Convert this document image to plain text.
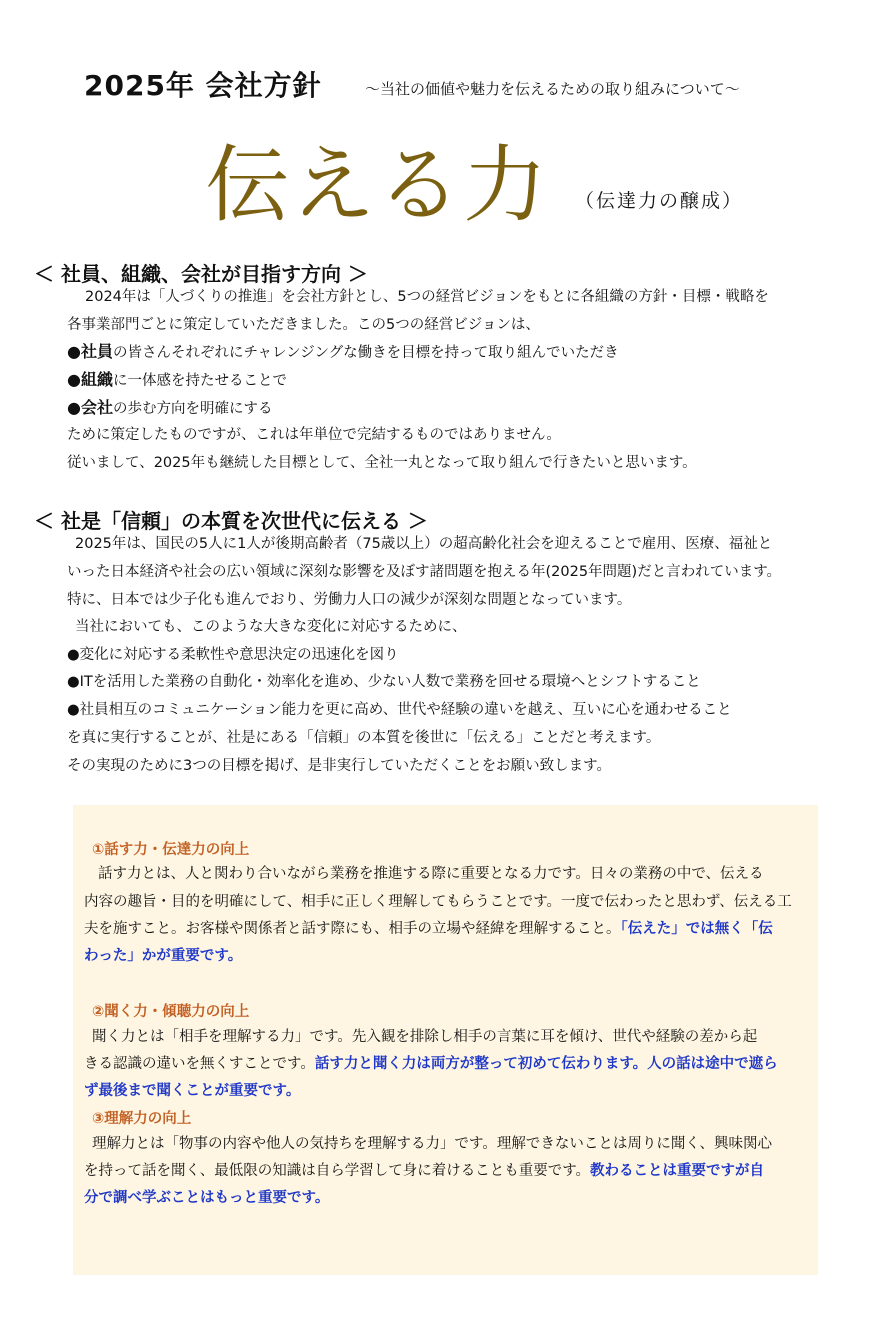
2025年 会社方針	～当社の価値や魅力を伝えるための取り組みについて～
伝える力 （伝達力の醸成）
＜ 社員、組織、会社が目指す方向 ＞
2024年は「人づくりの推進」を会社方針とし、5つの経営ビジョンをもとに各組織の方針・目標・戦略を
各事業部門ごとに策定していただきました。この5つの経営ビジョンは、
●社員の皆さんそれぞれにチャレンジングな働きを目標を持って取り組んでいただき
●組織に一体感を持たせることで
●会社の歩む方向を明確にする
ために策定したものですが、これは年単位で完結するものではありません。
従いまして、2025年も継続した目標として、全社一丸となって取り組んで行きたいと思います。
＜ 社是「信頼」の本質を次世代に伝える ＞
2025年は、国民の5人に1人が後期高齢者（75歳以上）の超高齢化社会を迎えることで雇用、医療、福祉と
いった日本経済や社会の広い領域に深刻な影響を及ぼす諸問題を抱える年(2025年問題)だと言われています。
特に、日本では少子化も進んでおり、労働力人口の減少が深刻な問題となっています。
当社においても、このような大きな変化に対応するために、
●変化に対応する柔軟性や意思決定の迅速化を図り
●ITを活用した業務の自動化・効率化を進め、少ない人数で業務を回せる環境へとシフトすること
●社員相互のコミュニケーション能力を更に高め、世代や経験の違いを越え、互いに心を通わせること
を真に実行することが、社是にある「信頼」の本質を後世に「伝える」ことだと考えます。
その実現のために3つの目標を掲げ、是非実行していただくことをお願い致します。
①話す力・伝達力の向上
話す力とは、人と関わり合いながら業務を推進する際に重要となる力です。日々の業務の中で、伝える
内容の趣旨・目的を明確にして、相手に正しく理解してもらうことです。一度で伝わったと思わず、伝える工
夫を施すこと。お客様や関係者と話す際にも、相手の立場や経緯を理解すること。「伝えた」では無く「伝
わった」かが重要です。
②聞く力・傾聴力の向上
聞く力とは「相手を理解する力」です。先入観を排除し相手の言葉に耳を傾け、世代や経験の差から起
きる認識の違いを無くすことです。話す力と聞く力は両方が整って初めて伝わります。人の話は途中で遮ら
ず最後まで聞くことが重要です。
③理解力の向上
理解力とは「物事の内容や他人の気持ちを理解する力」です。理解できないことは周りに聞く、興味関心
を持って話を聞く、最低限の知識は自ら学習して身に着けることも重要です。教わることは重要ですが自
分で調べ学ぶことはもっと重要です。
